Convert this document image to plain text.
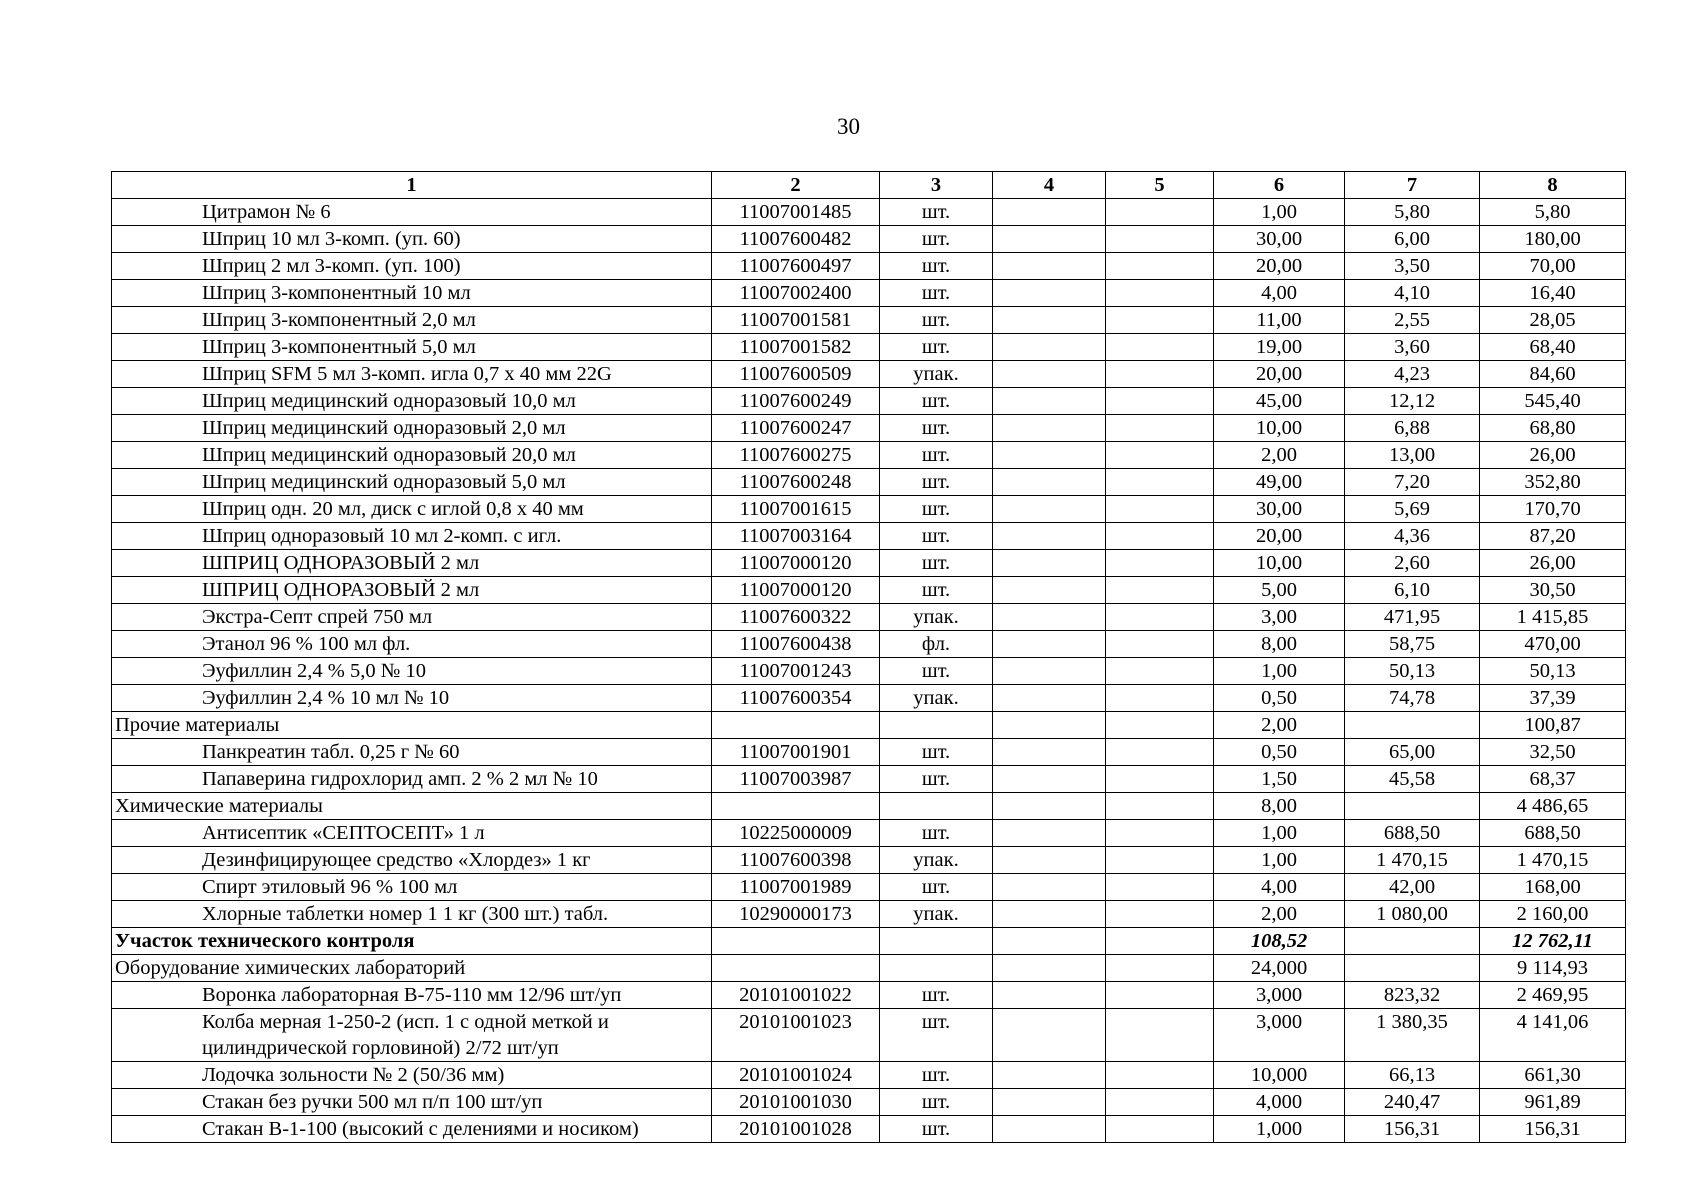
30
1	2	3	4	5	6	7	8
Цитрамон № 6	11007001485	шт.			1,00	5,80	5,80
Шприц 10 мл 3-комп. (уп. 60)	11007600482	шт.			30,00	6,00	180,00
Шприц 2 мл 3-комп. (уп. 100)	11007600497	шт.			20,00	3,50	70,00
Шприц 3-компонентный 10 мл	11007002400	шт.			4,00	4,10	16,40
Шприц 3-компонентный 2,0 мл	11007001581	шт.			11,00	2,55	28,05
Шприц 3-компонентный 5,0 мл	11007001582	шт.			19,00	3,60	68,40
Шприц SFM 5 мл 3-комп. игла 0,7 х 40 мм 22G	11007600509	упак.			20,00	4,23	84,60
Шприц медицинский одноразовый 10,0 мл	11007600249	шт.			45,00	12,12	545,40
Шприц медицинский одноразовый 2,0 мл	11007600247	шт.			10,00	6,88	68,80
Шприц медицинский одноразовый 20,0 мл	11007600275	шт.			2,00	13,00	26,00
Шприц медицинский одноразовый 5,0 мл	11007600248	шт.			49,00	7,20	352,80
Шприц одн. 20 мл, диск с иглой 0,8 х 40 мм	11007001615	шт.			30,00	5,69	170,70
Шприц одноразовый 10 мл 2-комп. с игл.	11007003164	шт.			20,00	4,36	87,20
ШПРИЦ ОДНОРАЗОВЫЙ 2 мл	11007000120	шт.			10,00	2,60	26,00
ШПРИЦ ОДНОРАЗОВЫЙ 2 мл	11007000120	шт.			5,00	6,10	30,50
Экстра-Септ спрей 750 мл	11007600322	упак.			3,00	471,95	1 415,85
Этанол 96 % 100 мл фл.	11007600438	фл.			8,00	58,75	470,00
Эуфиллин 2,4 % 5,0 № 10	11007001243	шт.			1,00	50,13	50,13
Эуфиллин 2,4 % 10 мл № 10	11007600354	упак.			0,50	74,78	37,39
Прочие материалы					2,00		100,87
Панкреатин табл. 0,25 г № 60	11007001901	шт.			0,50	65,00	32,50
Папаверина гидрохлорид амп. 2 % 2 мл № 10	11007003987	шт.			1,50	45,58	68,37
Химические материалы					8,00		4 486,65
Антисептик «СЕПТОСЕПТ» 1 л	10225000009	шт.			1,00	688,50	688,50
Дезинфицирующее средство «Хлордез» 1 кг	11007600398	упак.			1,00	1 470,15	1 470,15
Спирт этиловый 96 % 100 мл	11007001989	шт.			4,00	42,00	168,00
Хлорные таблетки номер 1 1 кг (300 шт.) табл.	10290000173	упак.			2,00	1 080,00	2 160,00
Участок технического контроля					108,52		12 762,11
Оборудование химических лабораторий					24,000		9 114,93
Воронка лабораторная В-75-110 мм 12/96 шт/уп	20101001022	шт.			3,000	823,32	2 469,95
Колба мерная 1-250-2 (исп. 1 с одной меткой и цилиндрической горловиной) 2/72 шт/уп	20101001023	шт.			3,000	1 380,35	4 141,06
Лодочка зольности № 2 (50/36 мм)	20101001024	шт.			10,000	66,13	661,30
Стакан без ручки 500 мл п/п 100 шт/уп	20101001030	шт.			4,000	240,47	961,89
Стакан В-1-100 (высокий с делениями и носиком)	20101001028	шт.			1,000	156,31	156,31
